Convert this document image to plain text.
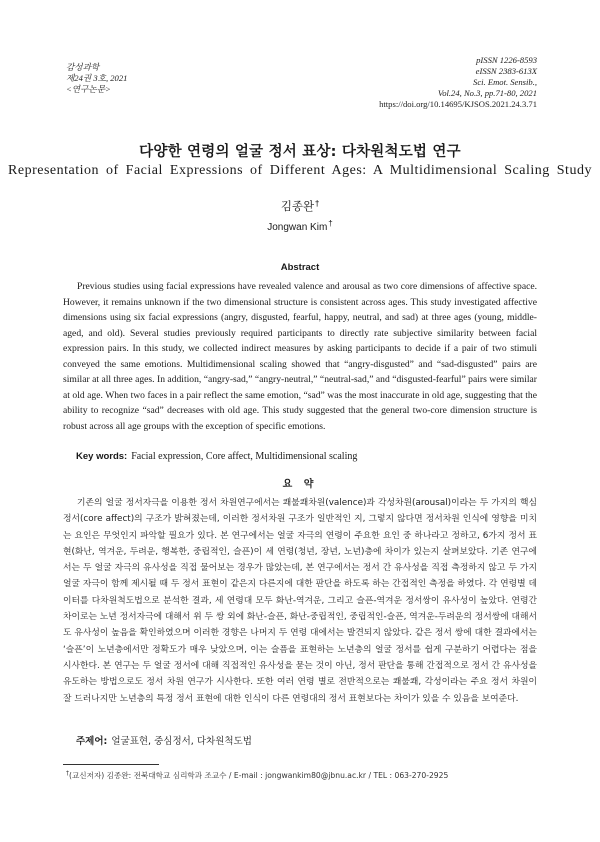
감성과학
제24권 3호, 2021
<연구논문>
pISSN 1226-8593
eISSN 2383-613X
Sci. Emot. Sensib.,
Vol.24, No.3, pp.71-80, 2021
https://doi.org/10.14695/KJSOS.2021.24.3.71
다양한 연령의 얼굴 정서 표상: 다차원척도법 연구
Representation of Facial Expressions of Different Ages: A Multidimensional Scaling Study
김종완†
Jongwan Kim†
Abstract

Previous studies using facial expressions have revealed valence and arousal as two core dimensions of affective space. However, it remains unknown if the two dimensional structure is consistent across ages. This study investigated affective dimensions using six facial expressions (angry, disgusted, fearful, happy, neutral, and sad) at three ages (young, middle-aged, and old). Several studies previously required participants to directly rate subjective similarity between facial expression pairs. In this study, we collected indirect measures by asking participants to decide if a pair of two stimuli conveyed the same emotions. Multidimensional scaling showed that “angry-disgusted” and “sad-disgusted” pairs are similar at all three ages. In addition, “angry-sad,” “angry-neutral,” “neutral-sad,” and “disgusted-fearful” pairs were similar at old age. When two faces in a pair reflect the same emotion, “sad” was the most inaccurate in old age, suggesting that the ability to recognize “sad” decreases with old age. This study suggested that the general two-core dimension structure is robust across all age groups with the exception of specific emotions.

Key words: Facial expression, Core affect, Multidimensional scaling
요 약

기존의 얼굴 정서자극을 이용한 정서 차원연구에서는 쾌불쾌차원(valence)과 각성차원(arousal)이라는 두 가지의 핵심정서(core affect)의 구조가 밝혀졌는데, 이러한 정서차원 구조가 일반적인 지, 그렇지 않다면 정서차원 인식에 영향을 미치는 요인은 무엇인지 파악할 필요가 있다. 본 연구에서는 얼굴 자극의 연령이 주요한 요인 중 하나라고 정하고, 6가지 정서 표현(화난, 역겨운, 두려운, 행복한, 중립적인, 슬픈)이 세 연령(청년, 장년, 노년)층에 차이가 있는지 살펴보았다. 기존 연구에서는 두 얼굴 자극의 유사성을 직접 물어보는 경우가 많았는데, 본 연구에서는 정서 간 유사성을 직접 측정하지 않고 두 가지 얼굴 자극이 함께 제시될 때 두 정서 표현이 같은지 다른지에 대한 판단을 하도록 하는 간접적인 측정을 하였다. 각 연령별 데이터를 다차원척도법으로 분석한 결과, 세 연령대 모두 화난-역겨운, 그리고 슬픈-역겨운 정서쌍이 유사성이 높았다. 연령간 차이로는 노년 정서자극에 대해서 위 두 쌍 외에 화난-슬픈, 화난-중립적인, 중립적인-슬픈, 역겨운-두려운의 정서쌍에 대해서도 유사성이 높음을 확인하였으며 이러한 경향은 나머지 두 연령 대에서는 발견되지 않았다. 같은 정서 쌍에 대한 결과에서는 ‘슬픈’이 노년층에서만 정확도가 매우 낮았으며, 이는 슬픔을 표현하는 노년층의 얼굴 정서를 쉽게 구분하기 어렵다는 점을 시사한다. 본 연구는 두 얼굴 정서에 대해 직접적인 유사성을 묻는 것이 아닌, 정서 판단을 통해 간접적으로 정서 간 유사성을 유도하는 방법으로도 정서 차원 연구가 시사한다. 또한 여러 연령 별로 전반적으로는 쾌불쾌, 각성이라는 주요 정서 차원이 잘 드러나지만 노년층의 특정 정서 표현에 대한 인식이 다른 연령대의 정서 표현보다는 차이가 있을 수 있음을 보여준다.

주제어: 얼굴표현, 중심정서, 다차원척도법
†(교신저자) 김종완: 전북대학교 심리학과 조교수 / E-mail : jongwankim80@jbnu.ac.kr / TEL : 063-270-2925
